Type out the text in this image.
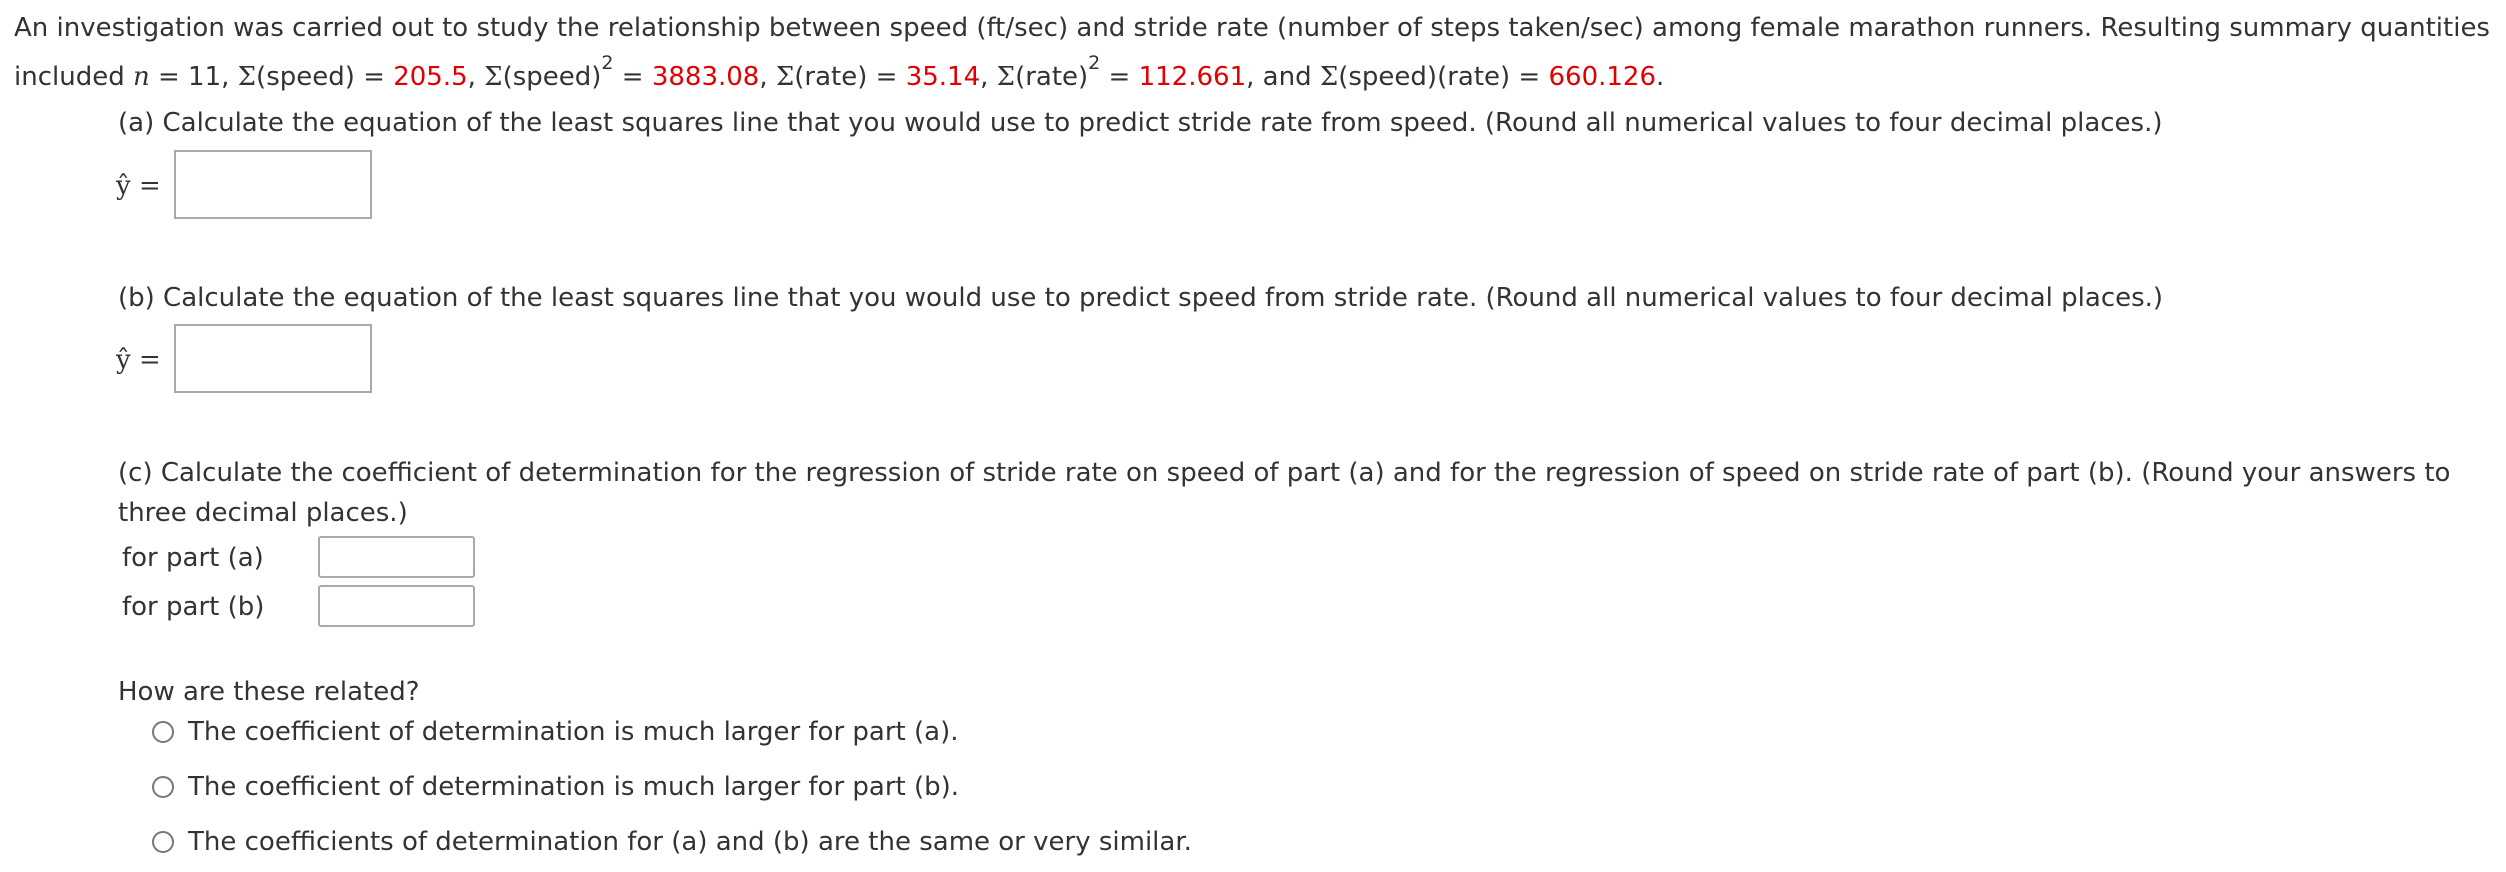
An investigation was carried out to study the relationship between speed (ft/sec) and stride rate (number of steps taken/sec) among female marathon runners. Resulting summary quantities
included n = 11, Σ(speed) = 205.5, Σ(speed)$^2$ = 3883.08, Σ(rate) = 35.14, Σ(rate)$^2$ = 112.661, and Σ(speed)(rate) = 660.126.
(a) Calculate the equation of the least squares line that you would use to predict stride rate from speed. (Round all numerical values to four decimal places.)
ŷ =
(b) Calculate the equation of the least squares line that you would use to predict speed from stride rate. (Round all numerical values to four decimal places.)
ŷ =
(c) Calculate the coefficient of determination for the regression of stride rate on speed of part (a) and for the regression of speed on stride rate of part (b). (Round your answers to
three decimal places.)
for part (a)
for part (b)
How are these related?
The coefficient of determination is much larger for part (a).
The coefficient of determination is much larger for part (b).
The coefficients of determination for (a) and (b) are the same or very similar.
